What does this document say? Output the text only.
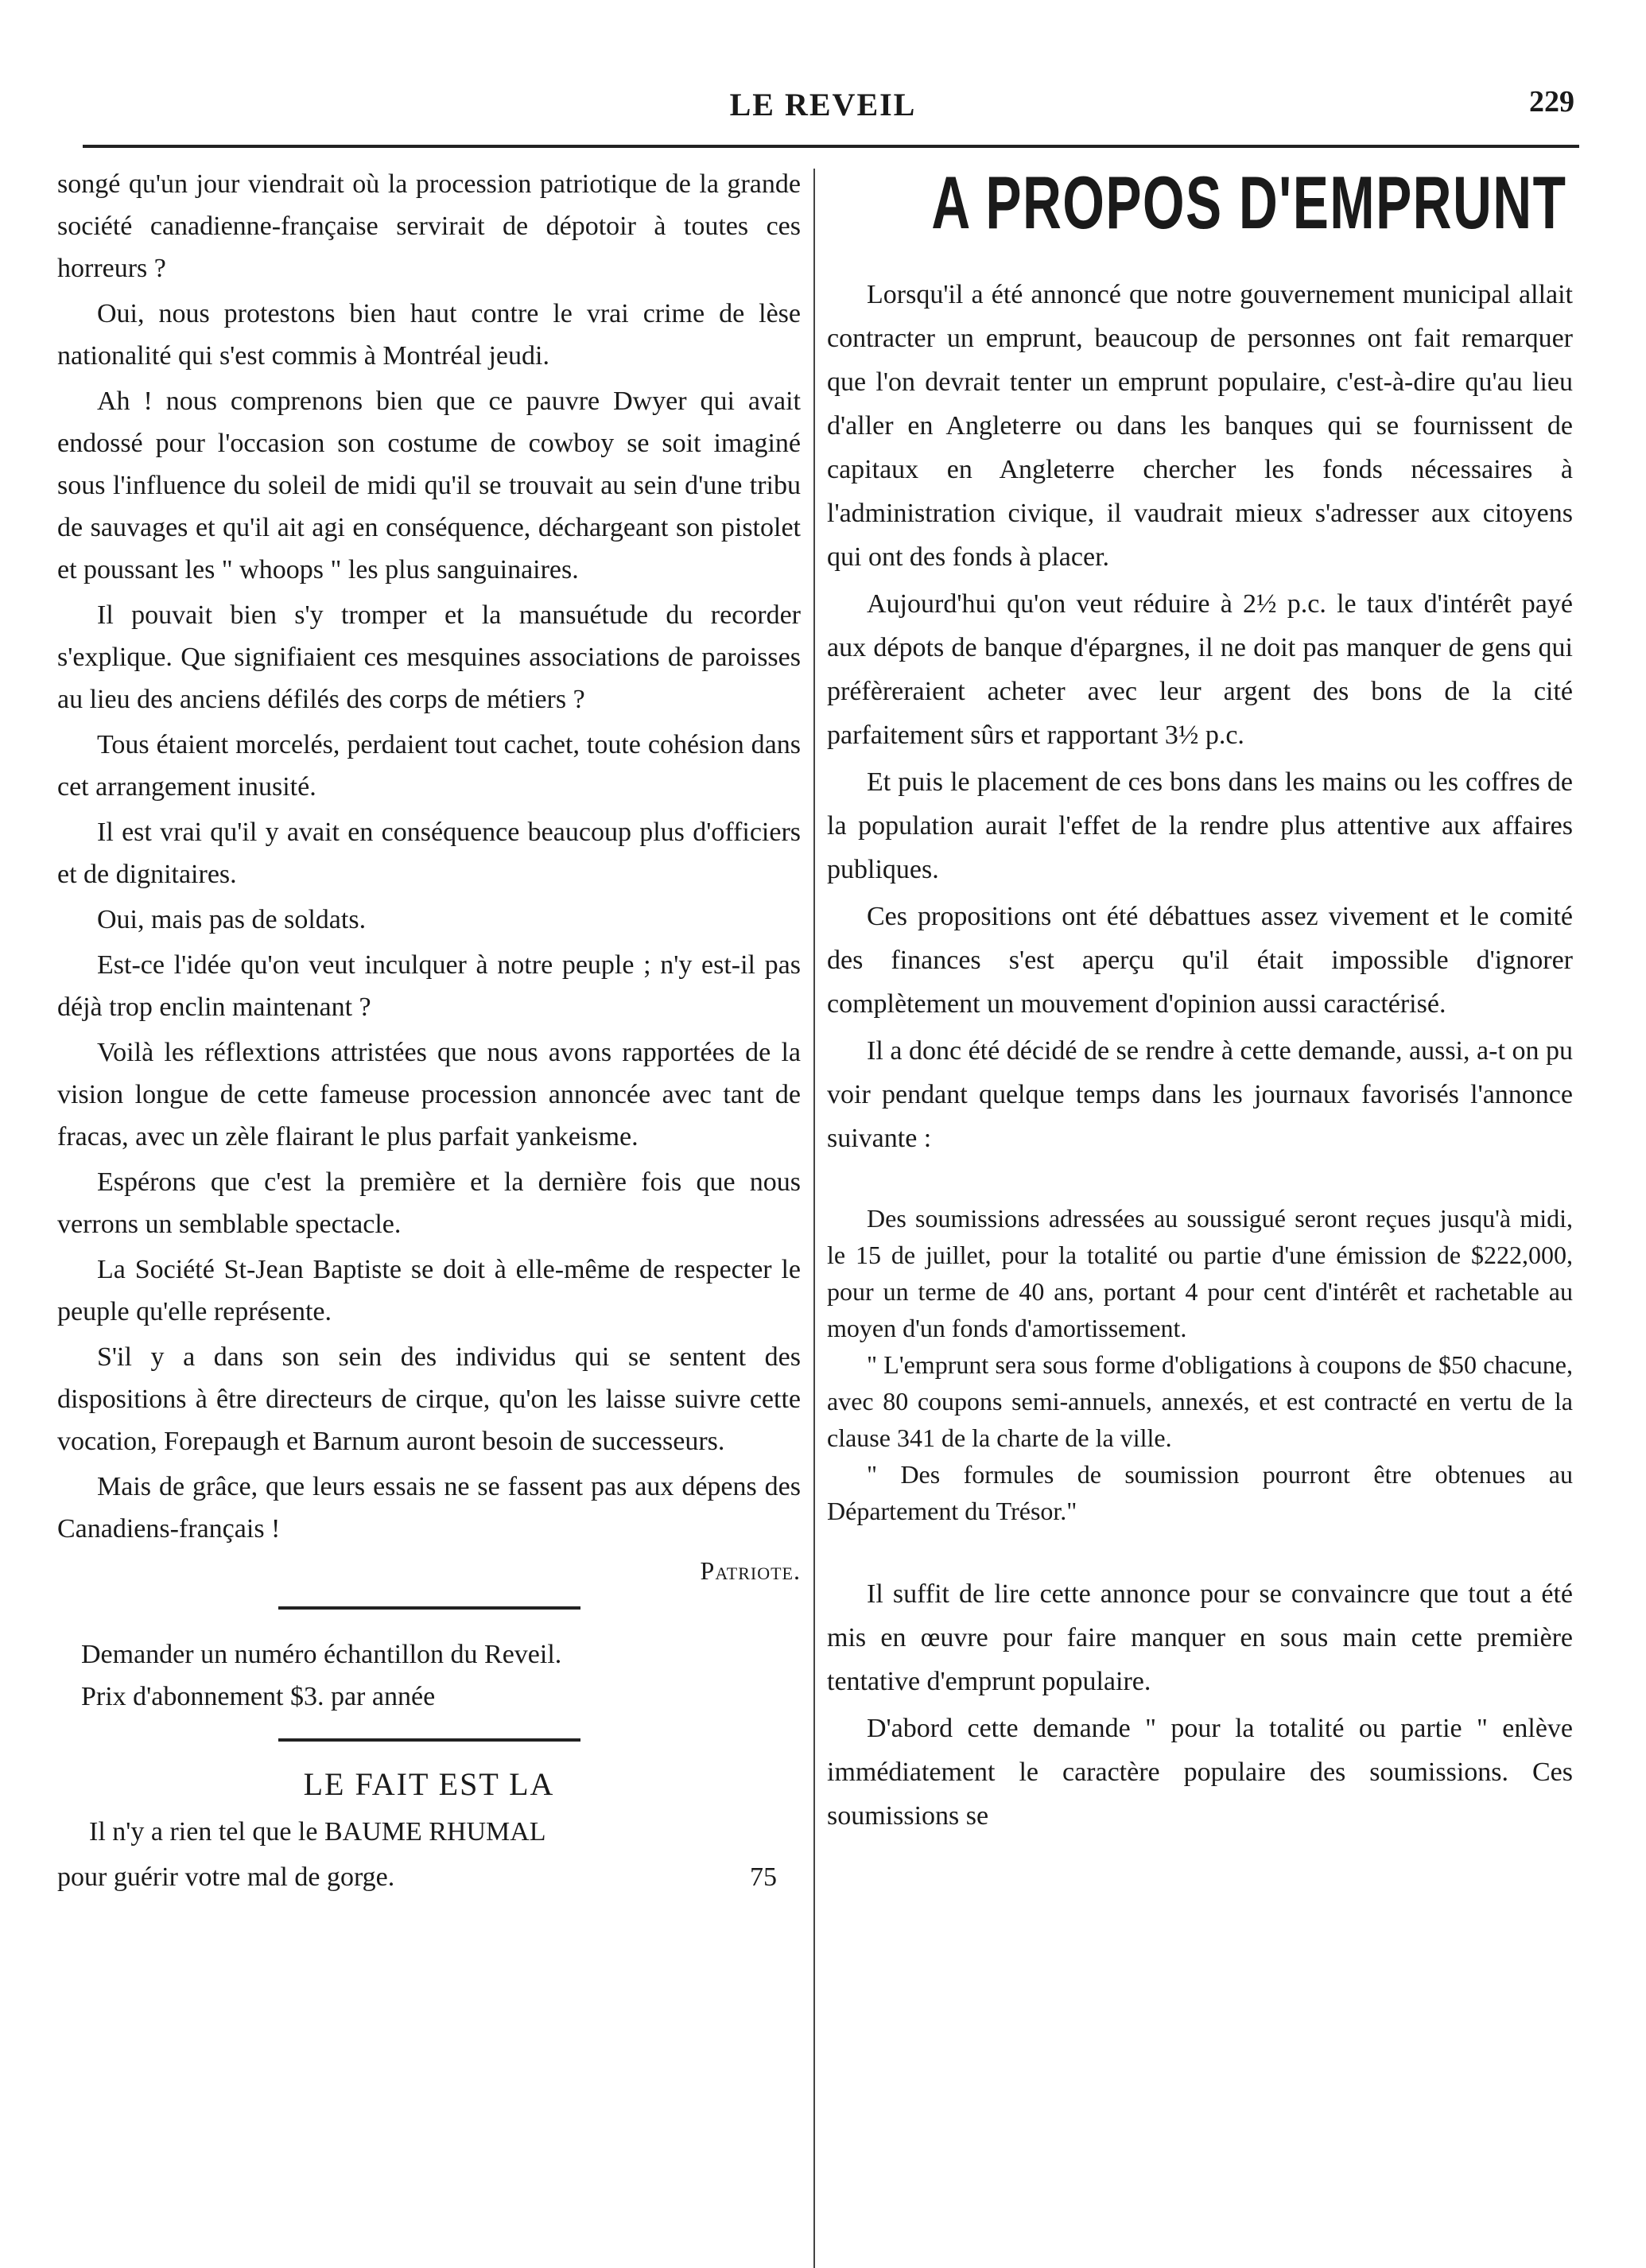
LE REVEIL	229

songé qu'un jour viendrait où la procession patriotique de la grande société canadienne-française servirait de dépotoir à toutes ces horreurs ?

Oui, nous protestons bien haut contre le vrai crime de lèse nationalité qui s'est commis à Montréal jeudi.

Ah ! nous comprenons bien que ce pauvre Dwyer qui avait endossé pour l'occasion son costume de cowboy se soit imaginé sous l'influence du soleil de midi qu'il se trouvait au sein d'une tribu de sauvages et qu'il ait agi en conséquence, déchargeant son pistolet et poussant les " whoops " les plus sanguinaires.

Il pouvait bien s'y tromper et la mansuétude du recorder s'explique. Que signifiaient ces mesquines associations de paroisses au lieu des anciens défilés des corps de métiers ?

Tous étaient morcelés, perdaient tout cachet, toute cohésion dans cet arrangement inusité.

Il est vrai qu'il y avait en conséquence beaucoup plus d'officiers et de dignitaires.

Oui, mais pas de soldats.

Est-ce l'idée qu'on veut inculquer à notre peuple ; n'y est-il pas déjà trop enclin maintenant ?

Voilà les réflextions attristées que nous avons rapportées de la vision longue de cette fameuse procession annoncée avec tant de fracas, avec un zèle flairant le plus parfait yankeisme.

Espérons que c'est la première et la dernière fois que nous verrons un semblable spectacle.

La Société St-Jean Baptiste se doit à elle-même de respecter le peuple qu'elle représente.

S'il y a dans son sein des individus qui se sentent des dispositions à être directeurs de cirque, qu'on les laisse suivre cette vocation, Forepaugh et Barnum auront besoin de successeurs.

Mais de grâce, que leurs essais ne se fassent pas aux dépens des Canadiens-français !

Patriote.
Demander un numéro échantillon du Reveil.
Prix d'abonnement $3. par année
LE FAIT EST LA

Il n'y a rien tel que le BAUME RHUMAL

pour guérir votre mal de gorge.	75
A PROPOS D'EMPRUNT

Lorsqu'il a été annoncé que notre gouvernement municipal allait contracter un emprunt, beaucoup de personnes ont fait remarquer que l'on devrait tenter un emprunt populaire, c'est-à-dire qu'au lieu d'aller en Angleterre ou dans les banques qui se fournissent de capitaux en Angleterre chercher les fonds nécessaires à l'administration civique, il vaudrait mieux s'adresser aux citoyens qui ont des fonds à placer.

Aujourd'hui qu'on veut réduire à 2½ p.c. le taux d'intérêt payé aux dépots de banque d'épargnes, il ne doit pas manquer de gens qui préfèreraient acheter avec leur argent des bons de la cité parfaitement sûrs et rapportant 3½ p.c.

Et puis le placement de ces bons dans les mains ou les coffres de la population aurait l'effet de la rendre plus attentive aux affaires publiques.

Ces propositions ont été débattues assez vivement et le comité des finances s'est aperçu qu'il était impossible d'ignorer complètement un mouvement d'opinion aussi caractérisé.

Il a donc été décidé de se rendre à cette demande, aussi, a-t on pu voir pendant quelque temps dans les journaux favorisés l'annonce suivante :

Des soumissions adressées au soussigué seront reçues jusqu'à midi, le 15 de juillet, pour la totalité ou partie d'une émission de $222,000, pour un terme de 40 ans, portant 4 pour cent d'intérêt et rachetable au moyen d'un fonds d'amortissement.

" L'emprunt sera sous forme d'obligations à coupons de $50 chacune, avec 80 coupons semi-annuels, annexés, et est contracté en vertu de la clause 341 de la charte de la ville.

" Des formules de soumission pourront être obtenues au Département du Trésor."

Il suffit de lire cette annonce pour se convaincre que tout a été mis en œuvre pour faire manquer en sous main cette première tentative d'emprunt populaire.

D'abord cette demande " pour la totalité ou partie " enlève immédiatement le caractère populaire des soumissions. Ces soumissions se
